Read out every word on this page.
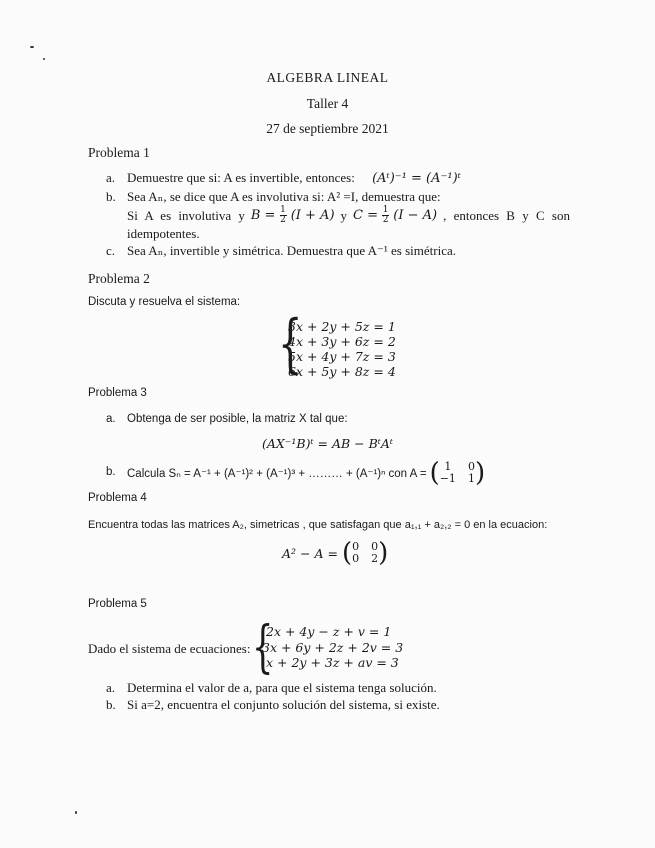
ALGEBRA LINEAL
Taller 4
27 de septiembre 2021
Problema 1
a. Demuestre que si: A es invertible, entonces: (Aᵗ)⁻¹ = (A⁻¹)ᵗ
b. Sea Aₙ, se dice que A es involutiva si: A² =I, demuestra que:
Si A es involutiva y $B = \frac{1}{2} (I + A)$ y $C = \frac{1}{2} (I - A)$ , entonces B y C son
idempotentes.
c. Sea Aₙ, invertible y simétrica. Demuestra que A⁻¹ es simétrica.
Problema 2
Discuta y resuelva el sistema:
{
3x + 2y + 5z = 1
4x + 3y + 6z = 2
5x + 4y + 7z = 3
6x + 5y + 8z = 4
Problema 3
a. Obtenga de ser posible, la matriz X tal que:
(AX⁻¹B)ᵗ = AB − BᵗAᵗ
b. Calcula Sₙ = A⁻¹ + (A⁻¹)² + (A⁻¹)³ + ……… + (A⁻¹)ⁿ con A = ( 1	0
−1 1 )
Problema 4
Encuentra todas las matrices A₂, simetricas , que satisfagan que a₁,₁ + a₂,₂ = 0 en la ecuacion:
A² − A = ( 0 0
0 2 )
Problema 5
Dado el sistema de ecuaciones: {
2x + 4y − z + v = 1
3x + 6y + 2z + 2v = 3
x + 2y + 3z + av = 3
a. Determina el valor de a, para que el sistema tenga solución.
b. Si a=2, encuentra el conjunto solución del sistema, si existe.
